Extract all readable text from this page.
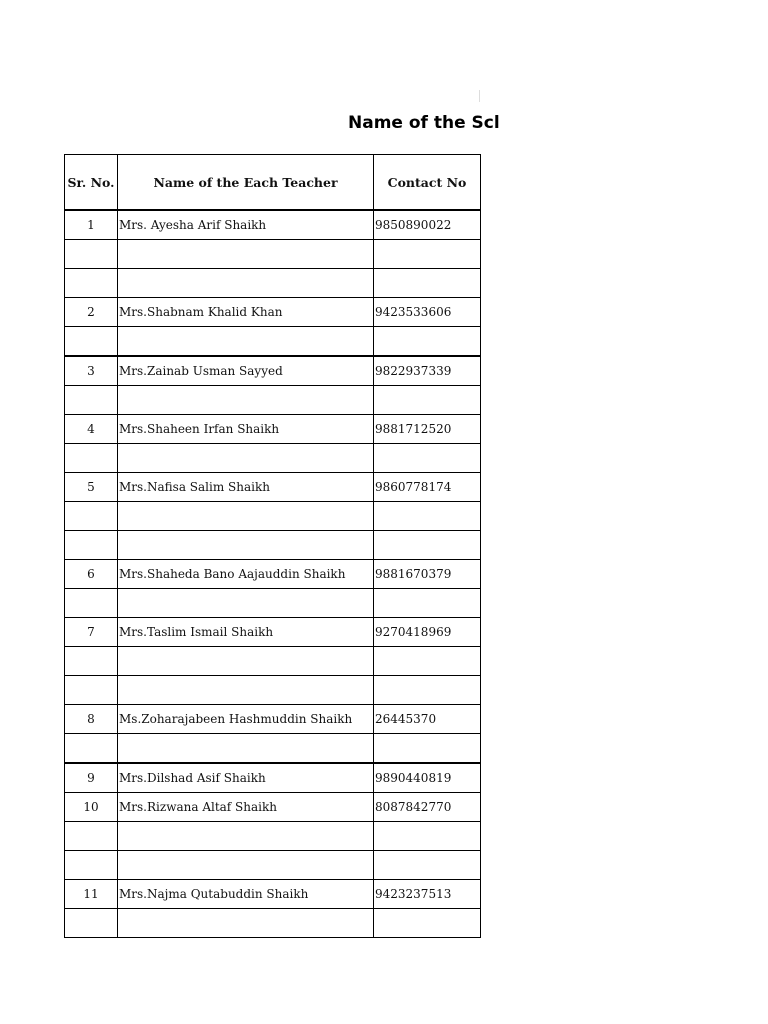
Name of the Scl
Sr. No.	Name of the Each Teacher	Contact No
1	Mrs. Ayesha Arif Shaikh	9850890022

2	Mrs.Shabnam Khalid Khan	9423533606

3	Mrs.Zainab Usman Sayyed	9822937339

4	Mrs.Shaheen Irfan Shaikh	9881712520

5	Mrs.Nafisa Salim Shaikh	9860778174

6	Mrs.Shaheda Bano Aajauddin Shaikh	9881670379

7	Mrs.Taslim Ismail Shaikh	9270418969

8	Ms.Zoharajabeen Hashmuddin Shaikh	26445370

9	Mrs.Dilshad Asif Shaikh	9890440819
10	Mrs.Rizwana Altaf Shaikh	8087842770

11	Mrs.Najma Qutabuddin Shaikh	9423237513
